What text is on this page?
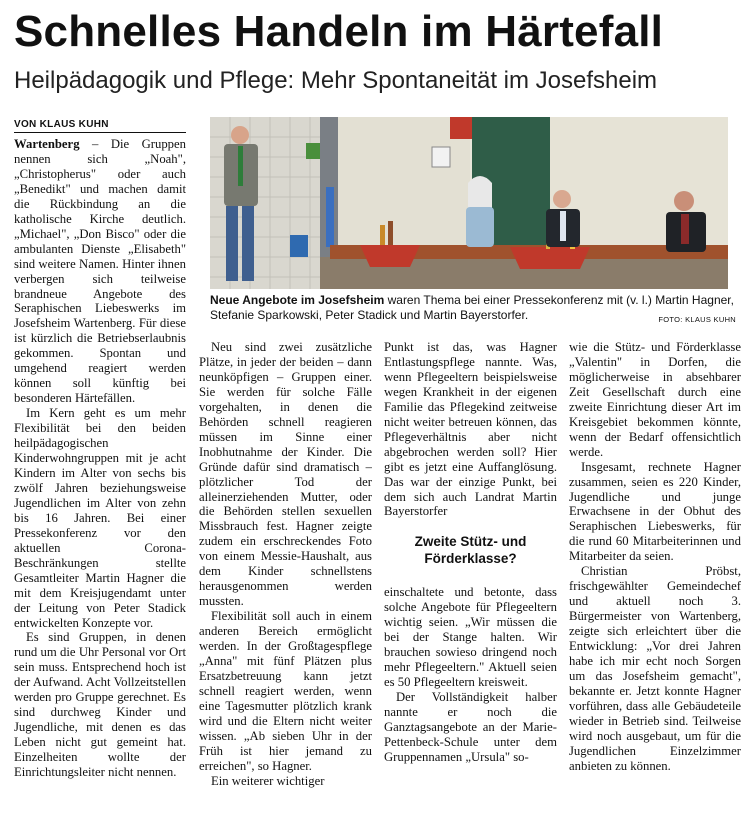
Schnelles Handeln im Härtefall
Heilpädagogik und Pflege: Mehr Spontaneität im Josefsheim
VON KLAUS KUHN

Wartenberg – Die Gruppen nennen sich „Noah", „Christopherus" oder auch „Benedikt" und machen damit die Rückbindung an die katholische Kirche deutlich. „Michael", „Don Bisco" oder die ambulanten Dienste „Elisabeth" sind weitere Namen. Hinter ihnen verbergen sich teilweise brandneue Angebote des Seraphischen Liebeswerks im Josefsheim Wartenberg. Für diese ist kürzlich die Betriebserlaubnis gekommen. Spontan und umgehend reagiert werden können soll künftig bei besonderen Härtefällen.

Im Kern geht es um mehr Flexibilität bei den beiden heilpädagogischen Kinderwohngruppen mit je acht Kindern im Alter von sechs bis zwölf Jahren beziehungsweise Jugendlichen im Alter von zehn bis 16 Jahren. Bei einer Pressekonferenz vor den aktuellen Corona-Beschränkungen stellte Gesamtleiter Martin Hagner die mit dem Kreisjugendamt unter der Leitung von Peter Stadick entwickelten Konzepte vor.

Es sind Gruppen, in denen rund um die Uhr Personal vor Ort sein muss. Entsprechend hoch ist der Aufwand. Acht Vollzeitstellen werden pro Gruppe gerechnet. Es sind durchweg Kinder und Jugendliche, mit denen es das Leben nicht gut gemeint hat. Einzelheiten wollte der Einrichtungsleiter nicht nennen.

Neue Angebote im Josefsheim waren Thema bei einer Pressekonferenz mit (v. l.) Martin Hagner, Stefanie Sparkowski, Peter Stadick und Martin Bayerstorfer.	FOTO: KLAUS KUHN

Neu sind zwei zusätzliche Plätze, in jeder der beiden – dann neunköpfigen – Gruppen einer. Sie werden für solche Fälle vorgehalten, in denen die Behörden schnell reagieren müssen im Sinne einer Inobhutnahme der Kinder. Die Gründe dafür sind dramatisch – plötzlicher Tod der alleinerziehenden Mutter, oder die Behörden stellen sexuellen Missbrauch fest. Hagner zeigte zudem ein erschreckendes Foto von einem Messie-Haushalt, aus dem Kinder schnellstens herausgenommen werden mussten.

Flexibilität soll auch in einem anderen Bereich ermöglicht werden. In der Großtagespflege „Anna" mit fünf Plätzen plus Ersatzbetreuung kann jetzt schnell reagiert werden, wenn eine Tagesmutter plötzlich krank wird und die Eltern nicht weiter wissen. „Ab sieben Uhr in der Früh ist hier jemand zu erreichen", so Hagner.

Ein weiterer wichtiger

Punkt ist das, was Hagner Entlastungspflege nannte. Was, wenn Pflegeeltern beispielsweise wegen Krankheit in der eigenen Familie das Pflegekind zeitweise nicht weiter betreuen können, das Pflegeverhältnis aber nicht abgebrochen werden soll? Hier gibt es jetzt eine Auffanglösung. Das war der einzige Punkt, bei dem sich auch Landrat Martin Bayerstorfer

Zweite Stütz- und Förderklasse?

einschaltete und betonte, dass solche Angebote für Pflegeeltern wichtig seien. „Wir müssen die bei der Stange halten. Wir brauchen sowieso dringend noch mehr Pflegeeltern." Aktuell seien es 50 Pflegeeltern kreisweit.

Der Vollständigkeit halber nannte er noch die Ganztagsangebote an der Marie-Pettenbeck-Schule unter dem Gruppennamen „Ursula" so-

wie die Stütz- und Förderklasse „Valentin" in Dorfen, die möglicherweise in absehbarer Zeit Gesellschaft durch eine zweite Einrichtung dieser Art im Kreisgebiet bekommen könnte, wenn der Bedarf offensichtlich werde.

Insgesamt, rechnete Hagner zusammen, seien es 220 Kinder, Jugendliche und junge Erwachsene in der Obhut des Seraphischen Liebeswerks, für die rund 60 Mitarbeiterinnen und Mitarbeiter da seien.

Christian Pröbst, frischgewählter Gemeindechef und aktuell noch 3. Bürgermeister von Wartenberg, zeigte sich erleichtert über die Entwicklung: „Vor drei Jahren habe ich mir echt noch Sorgen um das Josefsheim gemacht", bekannte er. Jetzt konnte Hagner vorführen, dass alle Gebäudeteile wieder in Betrieb sind. Teilweise wird noch ausgebaut, um für die Jugendlichen Einzelzimmer anbieten zu können.
